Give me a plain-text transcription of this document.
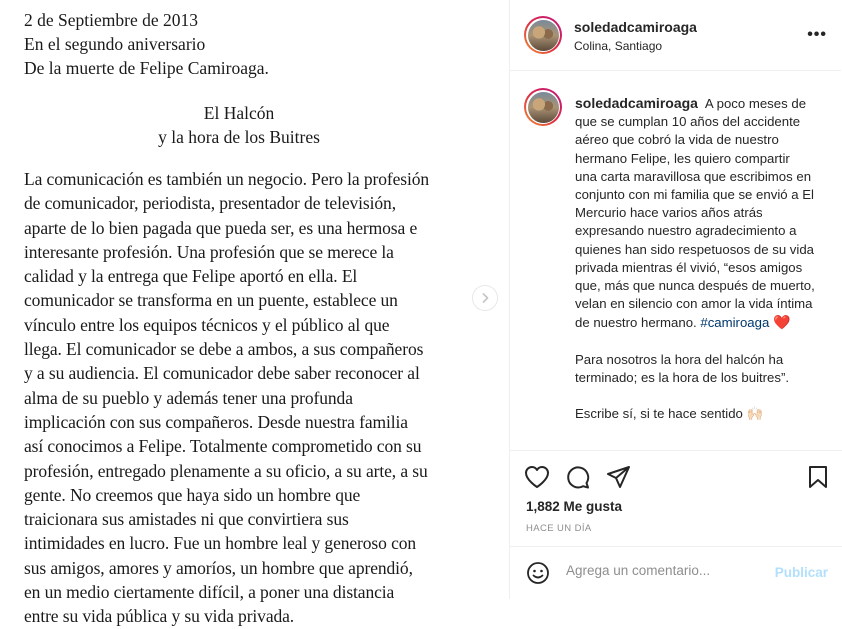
2 de Septiembre de 2013
En el segundo aniversario
De la muerte de Felipe Camiroaga.
El Halcón
y la hora de los Buitres
La comunicación es también un negocio. Pero la profesión
de comunicador, periodista, presentador de televisión,
aparte de lo bien pagada que pueda ser, es una hermosa e
interesante profesión. Una profesión que se merece la
calidad y la entrega que Felipe aportó en ella. El
comunicador se transforma en un puente, establece un
vínculo entre los equipos técnicos y el público al que
llega. El comunicador se debe a ambos, a sus compañeros
y a su audiencia. El comunicador debe saber reconocer al
alma de su pueblo y además tener una profunda
implicación con sus compañeros. Desde nuestra familia
así conocimos a Felipe. Totalmente comprometido con su
profesión, entregado plenamente a su oficio, a su arte, a su
gente. No creemos que haya sido un hombre que
traicionara sus amistades ni que convirtiera sus
intimidades en lucro. Fue un hombre leal y generoso con
sus amigos, amores y amoríos, un hombre que aprendió,
en un medio ciertamente difícil, a poner una distancia
entre su vida pública y su vida privada.
soledadcamiroaga
Colina, Santiago
•••

soledadcamiroaga A poco meses de que se cumplan 10 años del accidente aéreo que cobró la vida de nuestro hermano Felipe, les quiero compartir una carta maravillosa que escribimos en conjunto con mi familia que se envió a El Mercurio hace varios años atrás expresando nuestro agradecimiento a quienes han sido respetuosos de su vida privada mientras él vivió, “esos amigos que, más que nunca después de muerto, velan en silencio con amor la vida íntima de nuestro hermano. #camiroaga ❤️

Para nosotros la hora del halcón ha terminado; es la hora de los buitres”.

Escribe sí, si te hace sentido 🙌🏻

1,882 Me gusta
HACE UN DÍA
Agrega un comentario...
Publicar
